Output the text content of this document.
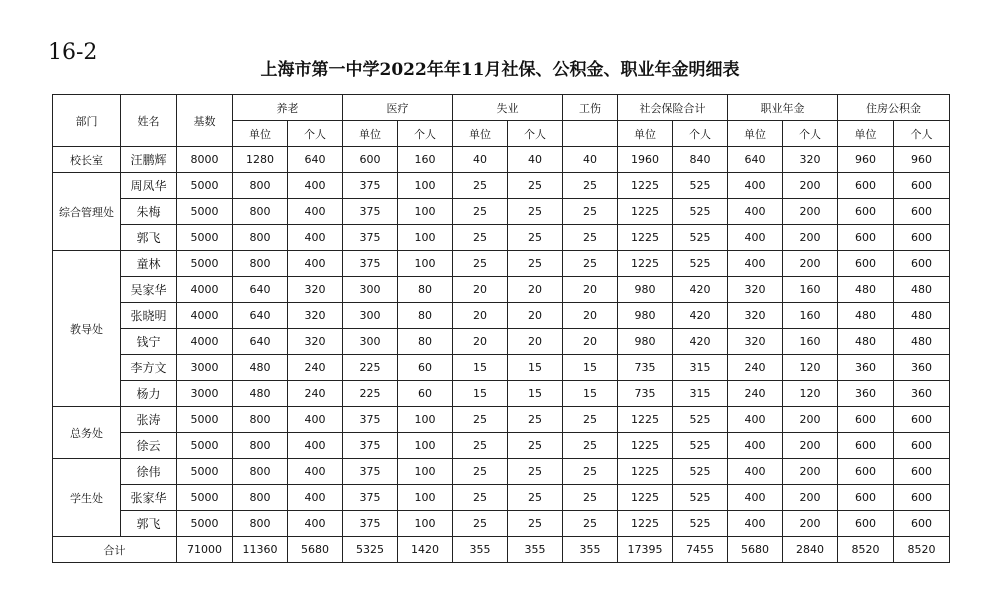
16-2
上海市第一中学2022年年11月社保、公积金、职业年金明细表
部门	姓名	基数	养老		医疗		失业		工伤	社会保险合计		职业年金		住房公积金	
			单位	个人	单位	个人	单位	个人		单位	个人	单位	个人	单位	个人
校长室	汪鹏辉	8000	1280	640	600	160	40	40	40	1960	840	640	320	960	960
综合管理处	周凤华	5000	800	400	375	100	25	25	25	1225	525	400	200	600	600
	朱梅	5000	800	400	375	100	25	25	25	1225	525	400	200	600	600
	郭飞	5000	800	400	375	100	25	25	25	1225	525	400	200	600	600
教导处	童林	5000	800	400	375	100	25	25	25	1225	525	400	200	600	600
	吴家华	4000	640	320	300	80	20	20	20	980	420	320	160	480	480
	张晓明	4000	640	320	300	80	20	20	20	980	420	320	160	480	480
	钱宁	4000	640	320	300	80	20	20	20	980	420	320	160	480	480
	李方文	3000	480	240	225	60	15	15	15	735	315	240	120	360	360
	杨力	3000	480	240	225	60	15	15	15	735	315	240	120	360	360
总务处	张涛	5000	800	400	375	100	25	25	25	1225	525	400	200	600	600
	徐云	5000	800	400	375	100	25	25	25	1225	525	400	200	600	600
学生处	徐伟	5000	800	400	375	100	25	25	25	1225	525	400	200	600	600
	张家华	5000	800	400	375	100	25	25	25	1225	525	400	200	600	600
	郭飞	5000	800	400	375	100	25	25	25	1225	525	400	200	600	600
合计		71000	11360	5680	5325	1420	355	355	355	17395	7455	5680	2840	8520	8520
